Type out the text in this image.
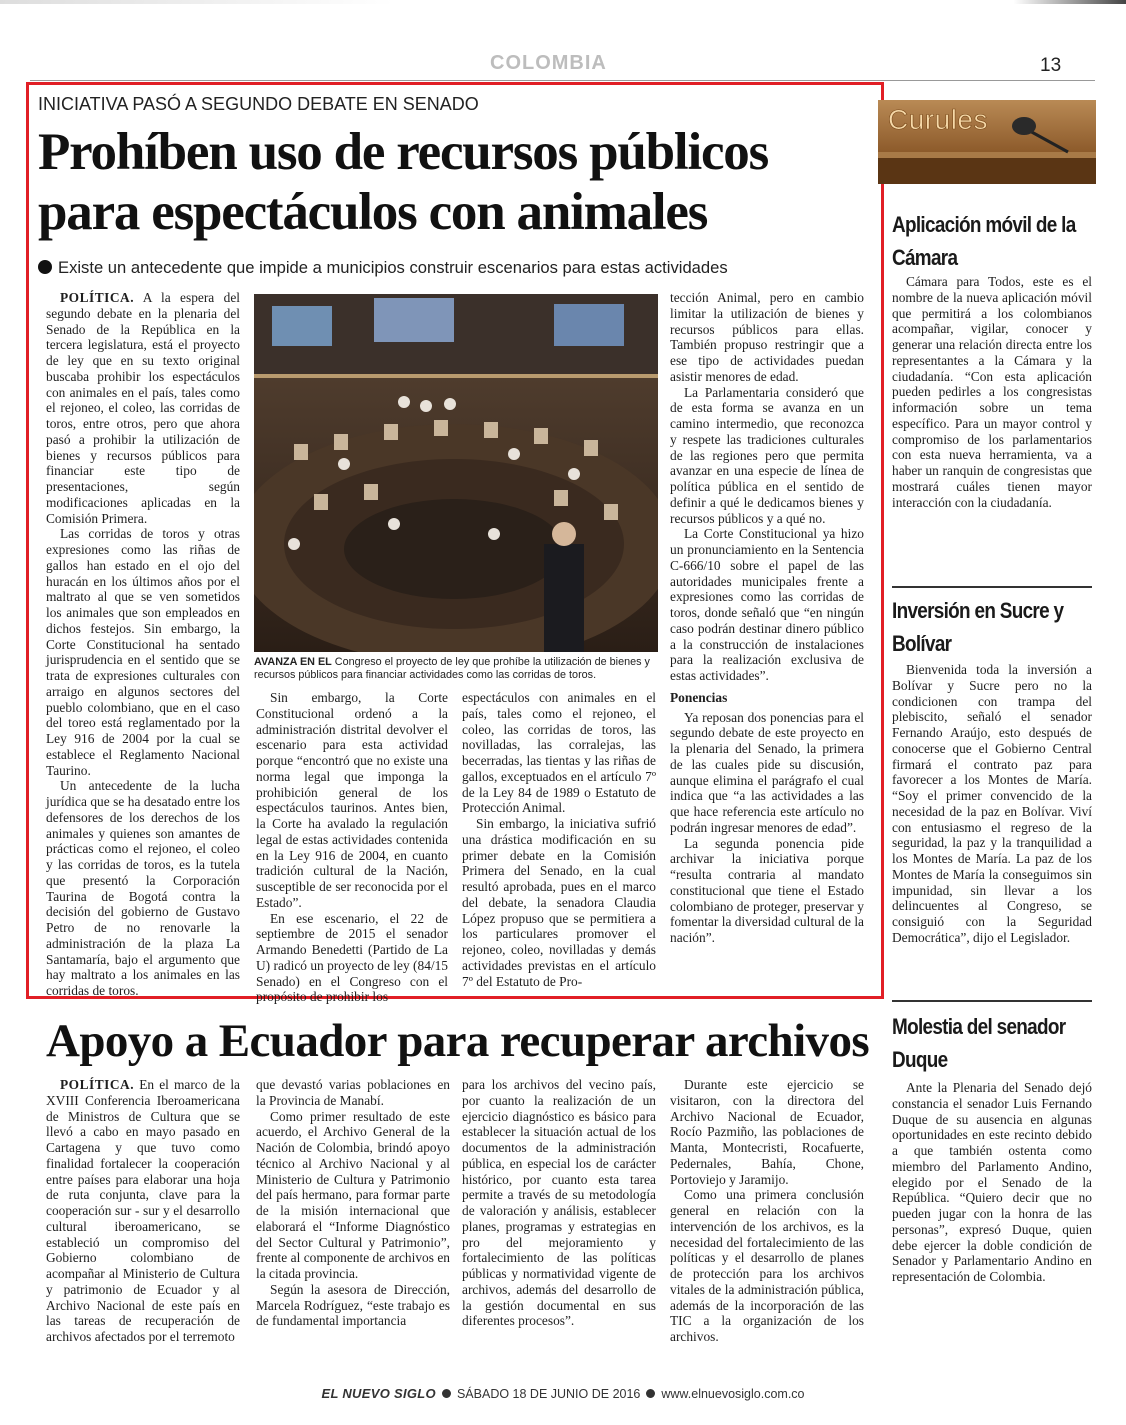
COLOMBIA	13
INICIATIVA PASÓ A SEGUNDO DEBATE EN SENADO
Prohíben uso de recursos públicos para espectáculos con animales
Existe un antecedente que impide a municipios construir escenarios para estas actividades

POLÍTICA. A la espera del segundo debate en la plenaria del Senado de la República en la tercera legislatura, está el proyecto de ley que en su texto original buscaba prohibir los espectáculos con animales en el país, tales como el rejoneo, el coleo, las corridas de toros, entre otros, pero que ahora pasó a prohibir la utilización de bienes y recursos públicos para financiar este tipo de presentaciones, según modificaciones aplicadas en la Comisión Primera.

Las corridas de toros y otras expresiones como las riñas de gallos han estado en el ojo del huracán en los últimos años por el maltrato al que se ven sometidos los animales que son empleados en dichos festejos. Sin embargo, la Corte Constitucional ha sentado jurisprudencia en el sentido que se trata de expresiones culturales con arraigo en algunos sectores del pueblo colombiano, que en el caso del toreo está reglamentado por la Ley 916 de 2004 por la cual se establece el Reglamento Nacional Taurino.

Un antecedente de la lucha jurídica que se ha desatado entre los defensores de los derechos de los animales y quienes son amantes de prácticas como el rejoneo, el coleo y las corridas de toros, es la tutela que presentó la Corporación Taurina de Bogotá contra la decisión del gobierno de Gustavo Petro de no renovarle la administración de la plaza La Santamaría, bajo el argumento que hay maltrato a los animales en las corridas de toros.

AVANZA EN EL Congreso el proyecto de ley que prohíbe la utilización de bienes y recursos públicos para financiar actividades como las corridas de toros.

Sin embargo, la Corte Constitucional ordenó a la administración distrital devolver el escenario para esta actividad porque “encontró que no existe una norma legal que imponga la prohibición general de los espectáculos taurinos. Antes bien, la Corte ha avalado la regulación legal de estas actividades contenida en la Ley 916 de 2004, en cuanto tradición cultural de la Nación, susceptible de ser reconocida por el Estado”.

En ese escenario, el 22 de septiembre de 2015 el senador Armando Benedetti (Partido de La U) radicó un proyecto de ley (84/15 Senado) en el Congreso con el propósito de prohibir los

espectáculos con animales en el país, tales como el rejoneo, el coleo, las corridas de toros, las novilladas, las corralejas, las becerradas, las tientas y las riñas de gallos, exceptuados en el artículo 7º de la Ley 84 de 1989 o Estatuto de Protección Animal.

Sin embargo, la iniciativa sufrió una drástica modificación en su primer debate en la Comisión Primera del Senado, en la cual resultó aprobada, pues en el marco del debate, la senadora Claudia López propuso que se permitiera a los particulares promover el rejoneo, coleo, novilladas y demás actividades previstas en el artículo 7º del Estatuto de Pro-

tección Animal, pero en cambio limitar la utilización de bienes y recursos públicos para ellas. También propuso restringir que a ese tipo de actividades puedan asistir menores de edad.

La Parlamentaria consideró que de esta forma se avanza en un camino intermedio, que reconozca y respete las tradiciones culturales de las regiones pero que permita avanzar en una especie de línea de política pública en el sentido de definir a qué le dedicamos bienes y recursos públicos y a qué no.

La Corte Constitucional ya hizo un pronunciamiento en la Sentencia C-666/10 sobre el papel de las autoridades municipales frente a expresiones como las corridas de toros, donde señaló que “en ningún caso podrán destinar dinero público a la construcción de instalaciones para la realización exclusiva de estas actividades”.

Ponencias

Ya reposan dos ponencias para el segundo debate de este proyecto en la plenaria del Senado, la primera de las cuales pide su discusión, aunque elimina el parágrafo el cual indica que “a las actividades a las que hace referencia este artículo no podrán ingresar menores de edad”.

La segunda ponencia pide archivar la iniciativa porque “resulta contraria al mandato constitucional que tiene el Estado colombiano de proteger, preservar y fomentar la diversidad cultural de la nación”.

Curules
Aplicación móvil de la Cámara

Cámara para Todos, este es el nombre de la nueva aplicación móvil que permitirá a los colombianos acompañar, vigilar, conocer y generar una relación directa entre los representantes a la Cámara y la ciudadanía. “Con esta aplicación pueden pedirles a los congresistas información sobre un tema específico. Para un mayor control y compromiso de los parlamentarios con esta nueva herramienta, va a haber un ranquin de congresistas que mostrará cuáles tienen mayor interacción con la ciudadanía.

Inversión en Sucre y Bolívar

Bienvenida toda la inversión a Bolívar y Sucre pero no la condicionen con trampa del plebiscito, señaló el senador Fernando Araújo, esto después de conocerse que el Gobierno Central firmará el contrato paz para favorecer a los Montes de María. “Soy el primer convencido de la necesidad de la paz en Bolívar. Viví con entusiasmo el regreso de la seguridad, la paz y la tranquilidad a los Montes de María. La paz de los Montes de María la conseguimos sin impunidad, sin llevar a los delincuentes al Congreso, se consiguió con la Seguridad Democrática”, dijo el Legislador.

Molestia del senador Duque

Ante la Plenaria del Senado dejó constancia el senador Luis Fernando Duque de su ausencia en algunas oportunidades en este recinto debido a que también ostenta como miembro del Parlamento Andino, elegido por el Senado de la República. “Quiero decir que no pueden jugar con la honra de las personas”, expresó Duque, quien debe ejercer la doble condición de Senador y Parlamentario Andino en representación de Colombia.

Apoyo a Ecuador para recuperar archivos

POLÍTICA. En el marco de la XVIII Conferencia Iberoamericana de Ministros de Cultura que se llevó a cabo en mayo pasado en Cartagena y que tuvo como finalidad fortalecer la cooperación entre países para elaborar una hoja de ruta conjunta, clave para la cooperación sur - sur y el desarrollo cultural iberoamericano, se estableció un compromiso del Gobierno colombiano de acompañar al Ministerio de Cultura y patrimonio de Ecuador y al Archivo Nacional de este país en las tareas de recuperación de archivos afectados por el terremoto

que devastó varias poblaciones en la Provincia de Manabí.

Como primer resultado de este acuerdo, el Archivo General de la Nación de Colombia, brindó apoyo técnico al Archivo Nacional y al Ministerio de Cultura y Patrimonio del país hermano, para formar parte de la misión internacional que elaborará el “Informe Diagnóstico del Sector Cultural y Patrimonio”, frente al componente de archivos en la citada provincia.

Según la asesora de Dirección, Marcela Rodríguez, “este trabajo es de fundamental importancia

para los archivos del vecino país, por cuanto la realización de un ejercicio diagnóstico es básico para establecer la situación actual de los documentos de la administración pública, en especial los de carácter histórico, por cuanto esta tarea permite a través de su metodología de valoración y análisis, establecer planes, programas y estrategias en pro del mejoramiento y fortalecimiento de las políticas públicas y normatividad vigente de archivos, además del desarrollo de la gestión documental en sus diferentes procesos”.

Durante este ejercicio se visitaron, con la directora del Archivo Nacional de Ecuador, Rocío Pazmiño, las poblaciones de Manta, Montecristi, Rocafuerte, Pedernales, Bahía, Chone, Portoviejo y Jaramijo.

Como una primera conclusión general en relación con la intervención de los archivos, es la necesidad del fortalecimiento de las políticas y el desarrollo de planes de protección para los archivos vitales de la administración pública, además de la incorporación de las TIC a la organización de los archivos.

EL NUEVO SIGLO SÁBADO 18 DE JUNIO DE 2016 www.elnuevosiglo.com.co
